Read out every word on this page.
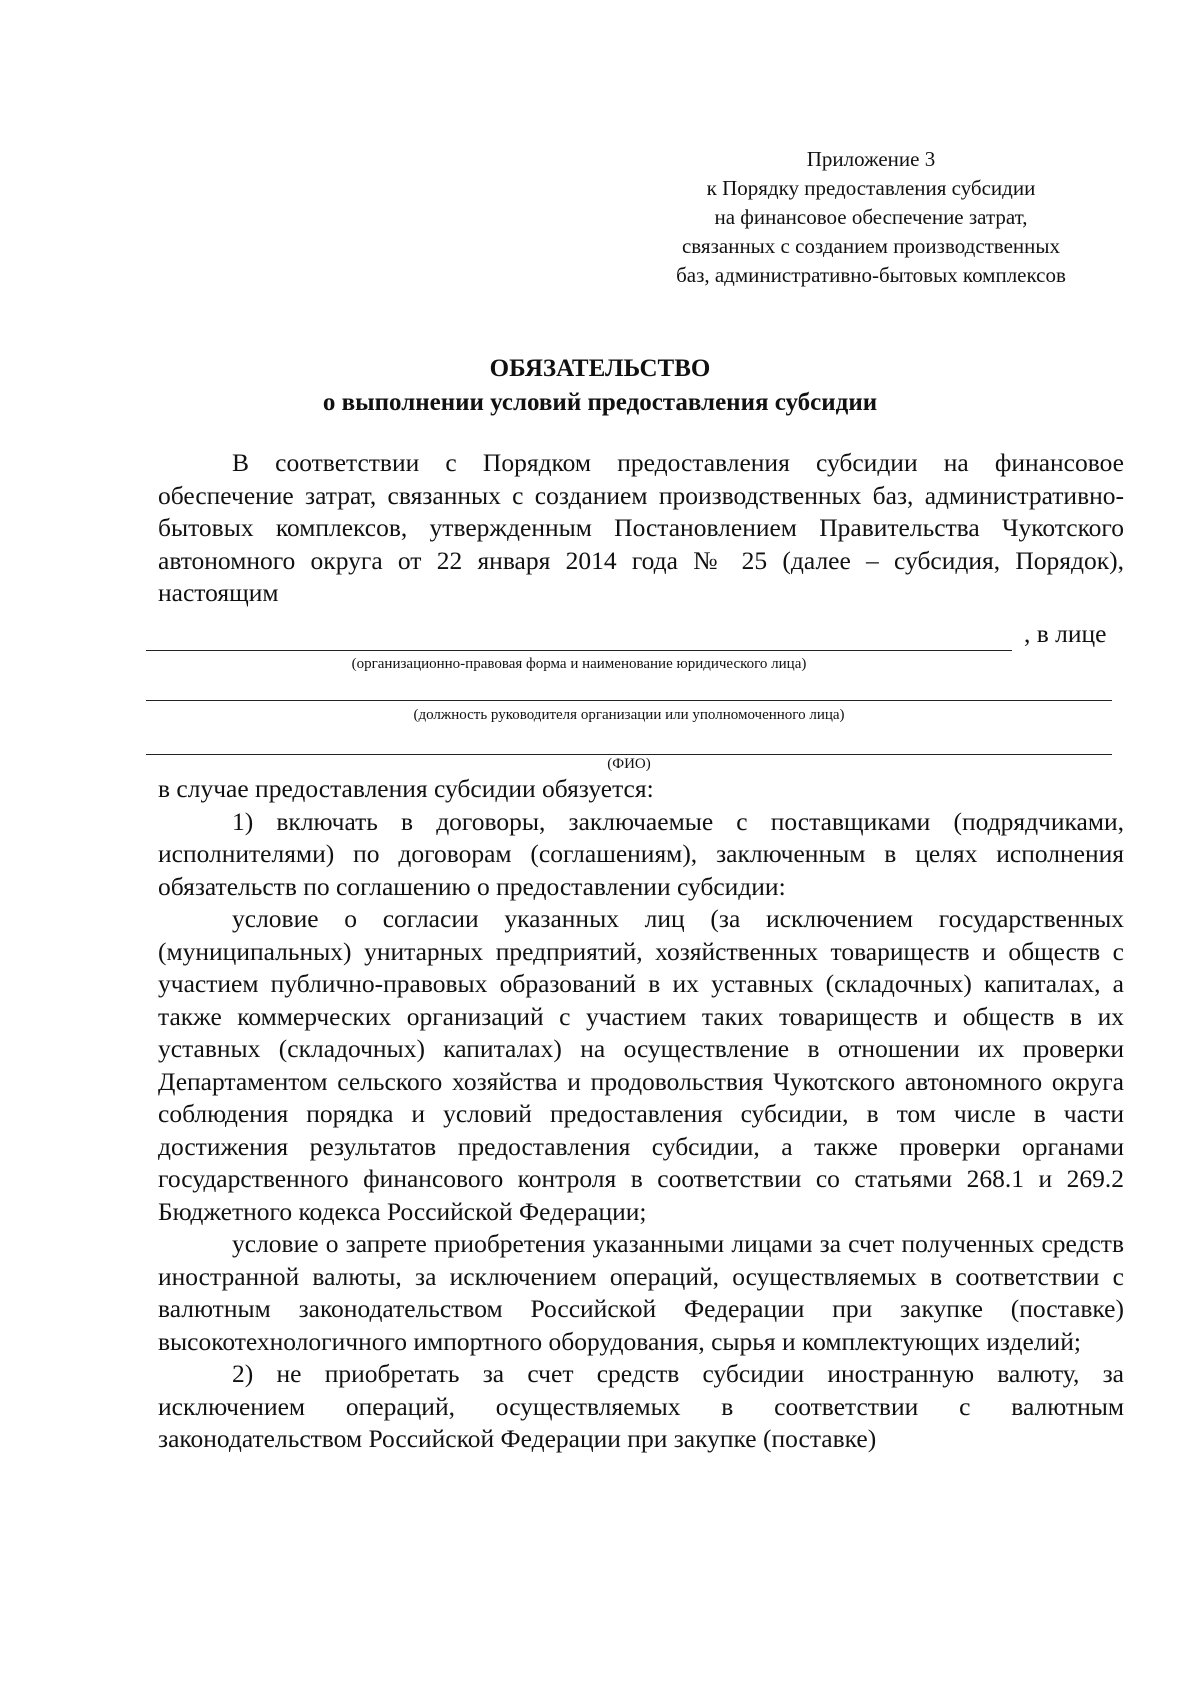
Приложение 3
к Порядку предоставления субсидии
на финансовое обеспечение затрат,
связанных с созданием производственных
баз, административно-бытовых комплексов
ОБЯЗАТЕЛЬСТВО
о выполнении условий предоставления субсидии

В соответствии с Порядком предоставления субсидии на финансовое обеспечение затрат, связанных с созданием производственных баз, административно-бытовых комплексов, утвержденным Постановлением Правительства Чукотского автономного округа от 22 января 2014 года № 25 (далее – субсидия, Порядок), настоящим

, в лице
(организационно-правовая форма и наименование юридического лица)
(должность руководителя организации или уполномоченного лица)
(ФИО)

в случае предоставления субсидии обязуется:

1) включать в договоры, заключаемые с поставщиками (подрядчиками, исполнителями) по договорам (соглашениям), заключенным в целях исполнения обязательств по соглашению о предоставлении субсидии:

условие о согласии указанных лиц (за исключением государственных (муниципальных) унитарных предприятий, хозяйственных товариществ и обществ с участием публично-правовых образований в их уставных (складочных) капиталах, а также коммерческих организаций с участием таких товариществ и обществ в их уставных (складочных) капиталах) на осуществление в отношении их проверки Департаментом сельского хозяйства и продовольствия Чукотского автономного округа соблюдения порядка и условий предоставления субсидии, в том числе в части достижения результатов предоставления субсидии, а также проверки органами государственного финансового контроля в соответствии со статьями 268.1 и 269.2 Бюджетного кодекса Российской Федерации;

условие о запрете приобретения указанными лицами за счет полученных средств иностранной валюты, за исключением операций, осуществляемых в соответствии с валютным законодательством Российской Федерации при закупке (поставке) высокотехнологичного импортного оборудования, сырья и комплектующих изделий;

2) не приобретать за счет средств субсидии иностранную валюту, за исключением операций, осуществляемых в соответствии с валютным законодательством Российской Федерации при закупке (поставке)
